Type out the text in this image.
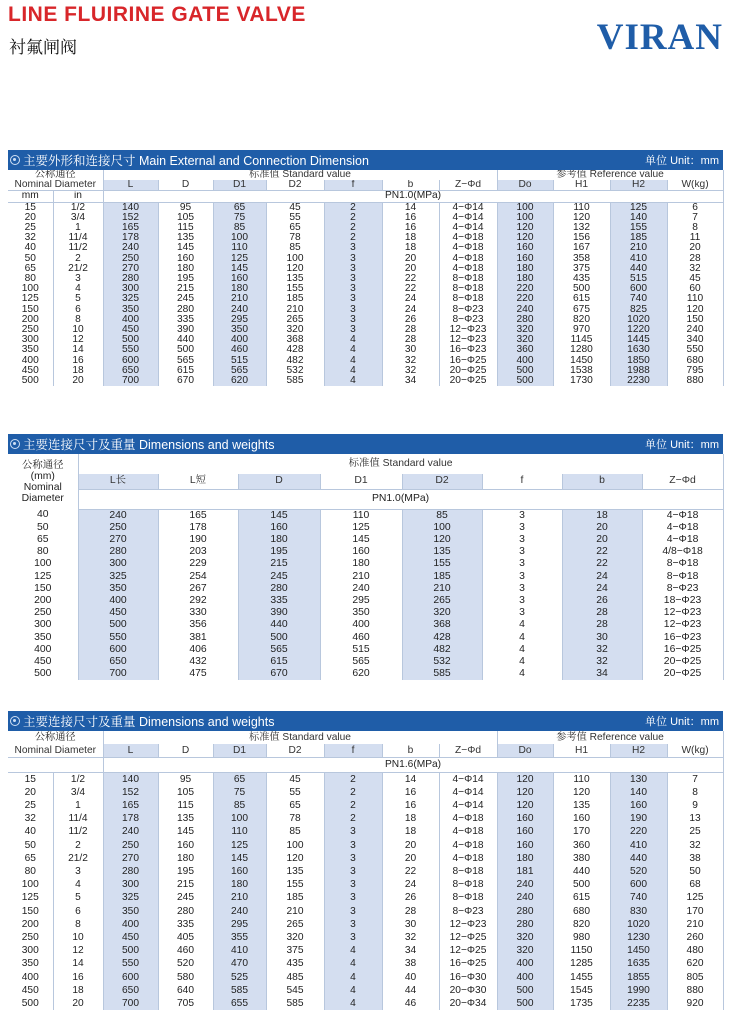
LINE FLUIRINE GATE VALVE
衬氟闸阀	VIRAN
主要外形和连接尺寸 Main External and Connection Dimension	单位 Unit：mm
公称通径		标准值 Standard value							参考值 Reference value			
Nominal Diameter		L	D	D1	D2	f	b	Z−Φd	Do	H1	H2	W(kg)
mm	in	PN1.0(MPa)										
15	1/2	140	95	65	45	2	14	4−Φ14	100	110	125	6
20	3/4	152	105	75	55	2	16	4−Φ14	100	120	140	7
25	1	165	115	85	65	2	16	4−Φ14	120	132	155	8
32	11/4	178	135	100	78	2	18	4−Φ18	120	156	185	11
40	11/2	240	145	110	85	3	18	4−Φ18	160	167	210	20
50	2	250	160	125	100	3	20	4−Φ18	160	358	410	28
65	21/2	270	180	145	120	3	20	4−Φ18	180	375	440	32
80	3	280	195	160	135	3	22	8−Φ18	180	435	515	45
100	4	300	215	180	155	3	22	8−Φ18	220	500	600	60
125	5	325	245	210	185	3	24	8−Φ18	220	615	740	110
150	6	350	280	240	210	3	24	8−Φ23	240	675	825	120
200	8	400	335	295	265	3	26	8−Φ23	280	820	1020	150
250	10	450	390	350	320	3	28	12−Φ23	320	970	1220	240
300	12	500	440	400	368	4	28	12−Φ23	320	1145	1445	340
350	14	550	500	460	428	4	30	16−Φ23	360	1280	1630	550
400	16	600	565	515	482	4	32	16−Φ25	400	1450	1850	680
450	18	650	615	565	532	4	32	20−Φ25	500	1538	1988	795
500	20	700	670	620	585	4	34	20−Φ25	500	1730	2230	880
主要连接尺寸及重量 Dimensions and weights	单位 Unit：mm
公称通径
(mm)
Nominal
Diameter	标准值 Standard value							
	L长	L短	D	D1	D2	f	b	Z−Φd
	PN1.0(MPa)							
40	240	165	145	110	85	3	18	4−Φ18
50	250	178	160	125	100	3	20	4−Φ18
65	270	190	180	145	120	3	20	4−Φ18
80	280	203	195	160	135	3	22	4/8−Φ18
100	300	229	215	180	155	3	22	8−Φ18
125	325	254	245	210	185	3	24	8−Φ18
150	350	267	280	240	210	3	24	8−Φ23
200	400	292	335	295	265	3	26	18−Φ23
250	450	330	390	350	320	3	28	12−Φ23
300	500	356	440	400	368	4	28	12−Φ23
350	550	381	500	460	428	4	30	16−Φ23
400	600	406	565	515	482	4	32	16−Φ25
450	650	432	615	565	532	4	32	20−Φ25
500	700	475	670	620	585	4	34	20−Φ25
主要连接尺寸及重量 Dimensions and weights	单位 Unit：mm
公称通径		标准值 Standard value							参考值 Reference value			
Nominal Diameter		L	D	D1	D2	f	b	Z−Φd	Do	H1	H2	W(kg)
		PN1.6(MPa)										
15	1/2	140	95	65	45	2	14	4−Φ14	120	110	130	7
20	3/4	152	105	75	55	2	16	4−Φ14	120	120	140	8
25	1	165	115	85	65	2	16	4−Φ14	120	135	160	9
32	11/4	178	135	100	78	2	18	4−Φ18	160	160	190	13
40	11/2	240	145	110	85	3	18	4−Φ18	160	170	220	25
50	2	250	160	125	100	3	20	4−Φ18	160	360	410	32
65	21/2	270	180	145	120	3	20	4−Φ18	180	380	440	38
80	3	280	195	160	135	3	22	8−Φ18	181	440	520	50
100	4	300	215	180	155	3	24	8−Φ18	240	500	600	68
125	5	325	245	210	185	3	26	8−Φ18	240	615	740	125
150	6	350	280	240	210	3	28	8−Φ23	280	680	830	170
200	8	400	335	295	265	3	30	12−Φ23	280	820	1020	210
250	10	450	405	355	320	3	32	12−Φ25	320	980	1230	260
300	12	500	460	410	375	4	34	12−Φ25	320	1150	1450	480
350	14	550	520	470	435	4	38	16−Φ25	400	1285	1635	620
400	16	600	580	525	485	4	40	16−Φ30	400	1455	1855	805
450	18	650	640	585	545	4	44	20−Φ30	500	1545	1990	880
500	20	700	705	655	585	4	46	20−Φ34	500	1735	2235	920
